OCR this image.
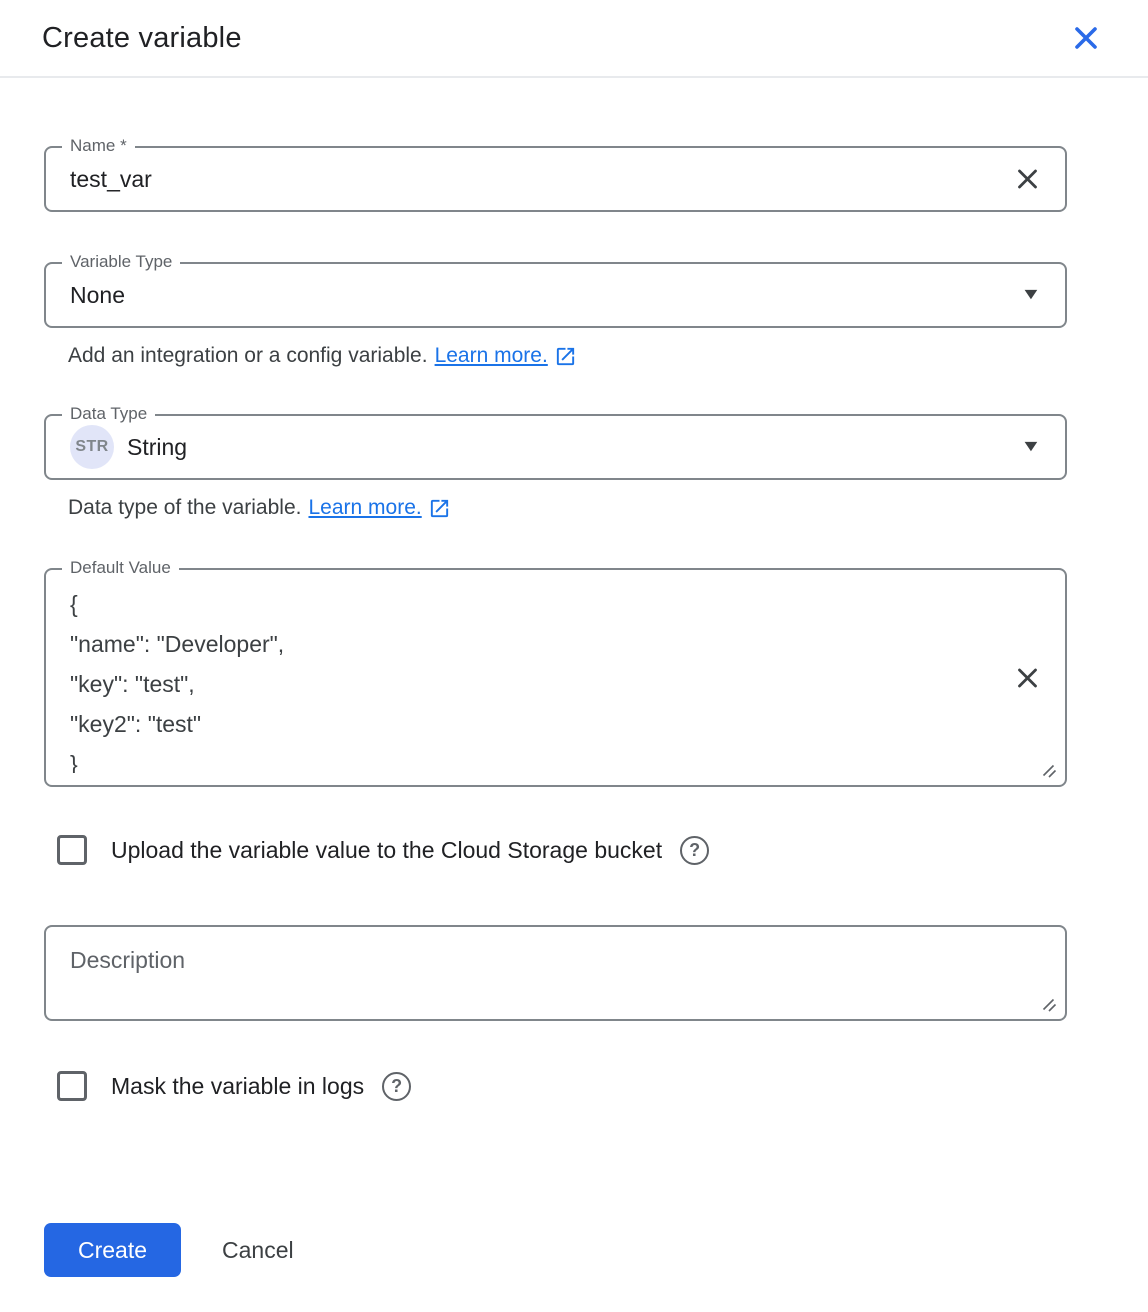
Create variable
Name *
test_var
Variable Type
None	▼
Add an integration or a config variable. Learn more.
Data Type
STR String	▼
Data type of the variable. Learn more.
Default Value
{ "name": "Developer", "key": "test", "key2": "test" }
Upload the variable value to the Cloud Storage bucket	?
Description
Mask the variable in logs	?
Create	Cancel
